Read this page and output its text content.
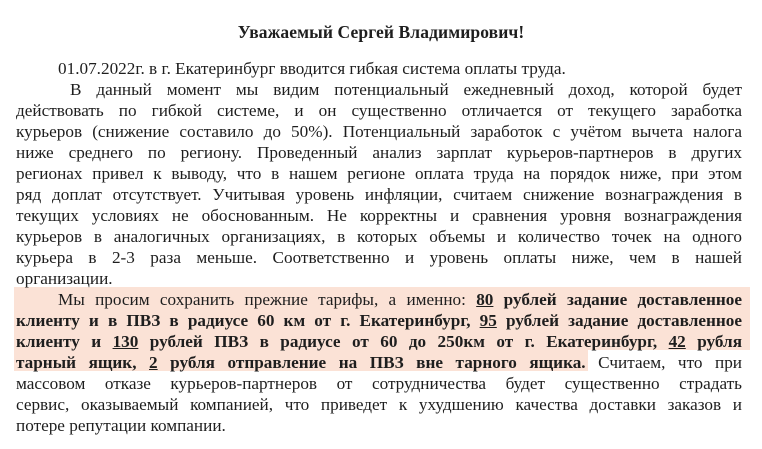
Уважаемый Сергей Владимирович!
01.07.2022г. в г. Екатеринбург вводится гибкая система оплаты труда.
В данный момент мы видим потенциальный ежедневный доход, которой будет
действовать по гибкой системе, и он существенно отличается от текущего заработка
курьеров (снижение составило до 50%). Потенциальный заработок с учётом вычета налога
ниже среднего по региону. Проведенный анализ зарплат курьеров-партнеров в других
регионах привел к выводу, что в нашем регионе оплата труда на порядок ниже, при этом
ряд доплат отсутствует. Учитывая уровень инфляции, считаем снижение вознаграждения в
текущих условиях не обоснованным. Не корректны и сравнения уровня вознаграждения
курьеров в аналогичных организациях, в которых объемы и количество точек на одного
курьера в 2-3 раза меньше. Соответственно и уровень оплаты ниже, чем в нашей
организации.
Мы просим сохранить прежние тарифы, а именно: 80 рублей задание доставленное
клиенту и в ПВЗ в радиусе 60 км от г. Екатеринбург, 95 рублей задание доставленное
клиенту и 130 рублей ПВЗ в радиусе от 60 до 250км от г. Екатеринбург, 42 рубля
тарный ящик, 2 рубля отправление на ПВЗ вне тарного ящика. Считаем, что при
массовом отказе курьеров-партнеров от сотрудничества будет существенно страдать
сервис, оказываемый компанией, что приведет к ухудшению качества доставки заказов и
потере репутации компании.
